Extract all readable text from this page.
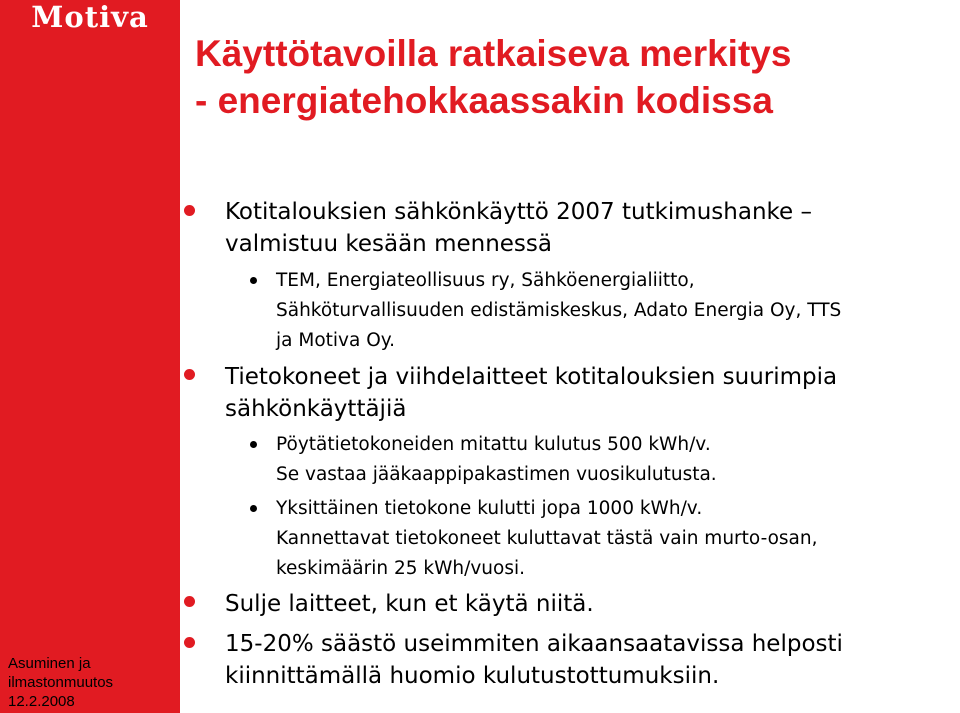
Motiva
Asuminen ja
ilmastonmuutos
12.2.2008
Käyttötavoilla ratkaiseva merkitys
- energiatehokkaassakin kodissa
Kotitalouksien sähkönkäyttö 2007 tutkimushanke –
valmistuu kesään mennessä
TEM, Energiateollisuus ry, Sähköenergialiitto,
Sähköturvallisuuden edistämiskeskus, Adato Energia Oy, TTS
ja Motiva Oy.
Tietokoneet ja viihdelaitteet kotitalouksien suurimpia
sähkönkäyttäjiä
Pöytätietokoneiden mitattu kulutus 500 kWh/v.
Se vastaa jääkaappipakastimen vuosikulutusta.
Yksittäinen tietokone kulutti jopa 1000 kWh/v.
Kannettavat tietokoneet kuluttavat tästä vain murto-osan,
keskimäärin 25 kWh/vuosi.
Sulje laitteet, kun et käytä niitä.
15-20% säästö useimmiten aikaansaatavissa helposti
kiinnittämällä huomio kulutustottumuksiin.
